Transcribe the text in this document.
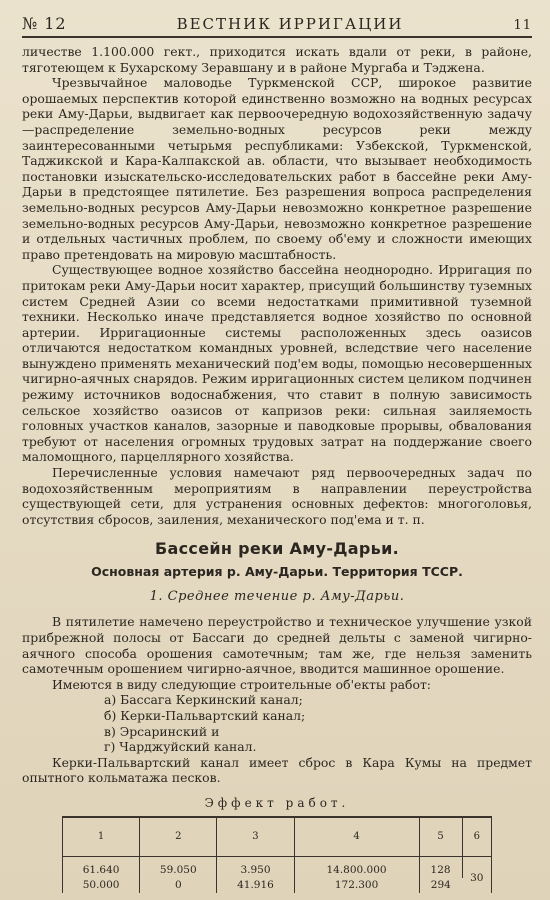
№ 12	ВЕСТНИК ИРРИГАЦИИ	11

личестве 1.100.000 гект., приходится искать вдали от реки, в районе, тяготеющем к Бухарскому Зеравшану и в районе Мургаба и Тэджена.

Чрезвычайное маловодье Туркменской ССР, широкое развитие орошаемых перспектив которой единственно возможно на водных ресурсах реки Аму-Дарьи, выдвигает как первоочередную водохозяйственную задачу—распределение земельно-водных ресурсов реки между заинтересованными четырьмя республиками: Узбекской, Туркменской, Таджикской и Кара-Калпакской ав. области, что вызывает необходимость постановки изыскательско-исследовательских работ в бассейне реки Аму-Дарьи в предстоящее пятилетие. Без разрешения вопроса распределения земельно-водных ресурсов Аму-Дарьи невозможно конкретное разрешение земельно-водных ресурсов Аму-Дарьи, невозможно конкретное разрешение и отдельных частичных проблем, по своему об'ему и сложности имеющих право претендовать на мировую масштабность.

Существующее водное хозяйство бассейна неоднородно. Ирригация по притокам реки Аму-Дарьи носит характер, присущий большинству туземных систем Средней Азии со всеми недостатками примитивной туземной техники. Несколько иначе представляется водное хозяйство по основной артерии. Ирригационные системы расположенных здесь оазисов отличаются недостатком командных уровней, вследствие чего население вынуждено применять механический под'ем воды, помощью несовершенных чигирно-аячных снарядов. Режим ирригационных систем целиком подчинен режиму источников водоснабжения, что ставит в полную зависимость сельское хозяйство оазисов от капризов реки: сильная заиляемость головных участков каналов, зазорные и паводковые прорывы, обвалования требуют от населения огромных трудовых затрат на поддержание своего маломощного, парцеллярного хозяйства.

Перечисленные условия намечают ряд первоочередных задач по водохозяйственным мероприятиям в направлении переустройства существующей сети, для устранения основных дефектов: многоголовья, отсутствия сбросов, заиления, механического под'ема и т. п.

Бассейн реки Аму-Дарьи.
Основная артерия р. Аму-Дарьи. Территория ТССР.
1. Среднее течение р. Аму-Дарьи.

В пятилетие намечено переустройство и техническое улучшение узкой прибрежной полосы от Бассаги до средней дельты с заменой чигирно-аячного способа орошения самотечным; там же, где нельзя заменить самотечным орошением чигирно-аячное, вводится машинное орошение.

Имеются в виду следующие строительные об'екты работ:

а) Бассага Керкинский канал;
б) Керки-Пальвартский канал;
в) Эрсаринский и
г) Чарджуйский канал.

Керки-Пальвартский канал имеет сброс в Кара Кумы на предмет опытного кольматажа песков.

Эффект работ.
1	2	3	4	5	6
61.640	59.050	3.950	14.800.000	128	30
50.000	0	41.916	172.300	294	
